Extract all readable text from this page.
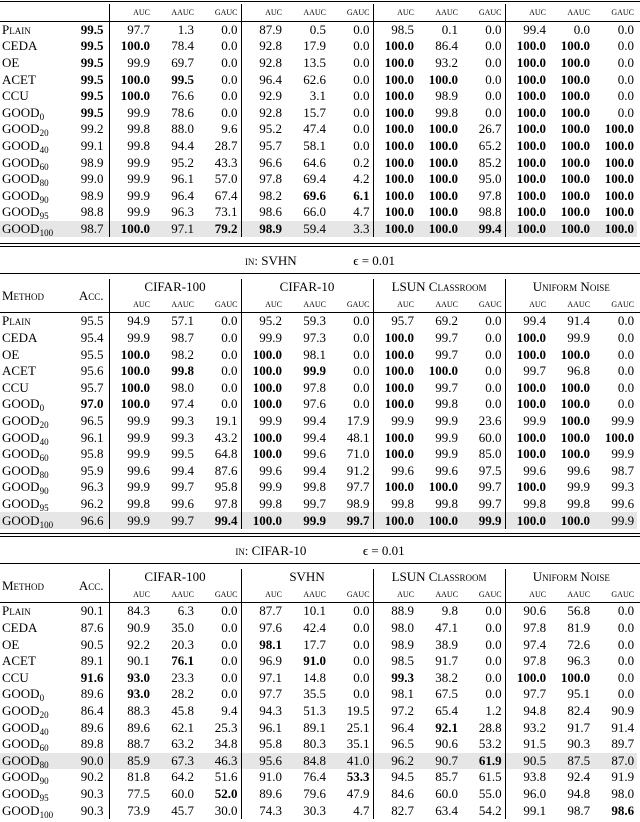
		auc	aauc	gauc	auc	aauc	gauc	auc	aauc	gauc	auc	aauc	gauc
Plain	99.5	97.7	1.3	0.0	87.9	0.5	0.0	98.5	0.1	0.0	99.4	0.0	0.0
CEDA	99.5	100.0	78.4	0.0	92.8	17.9	0.0	100.0	86.4	0.0	100.0	100.0	0.0
OE	99.5	99.9	69.7	0.0	92.8	13.5	0.0	100.0	93.2	0.0	100.0	100.0	0.0
ACET	99.5	100.0	99.5	0.0	96.4	62.6	0.0	100.0	100.0	0.0	100.0	100.0	0.0
CCU	99.5	100.0	76.6	0.0	92.9	3.1	0.0	100.0	98.9	0.0	100.0	100.0	0.0
$GOOD_0$	99.5	99.9	78.6	0.0	92.8	15.7	0.0	100.0	99.8	0.0	100.0	100.0	0.0
$GOOD_{20}$	99.2	99.8	88.0	9.6	95.2	47.4	0.0	100.0	100.0	26.7	100.0	100.0	100.0
$GOOD_{40}$	99.1	99.8	94.4	28.7	95.7	58.1	0.0	100.0	100.0	65.2	100.0	100.0	100.0
$GOOD_{60}$	98.9	99.9	95.2	43.3	96.6	64.6	0.2	100.0	100.0	85.2	100.0	100.0	100.0
$GOOD_{80}$	99.0	99.9	96.1	57.0	97.8	69.4	4.2	100.0	100.0	95.0	100.0	100.0	100.0
$GOOD_{90}$	98.9	99.9	96.4	67.4	98.2	69.6	6.1	100.0	100.0	97.8	100.0	100.0	100.0
$GOOD_{95}$	98.8	99.9	96.3	73.1	98.6	66.0	4.7	100.0	100.0	98.8	100.0	100.0	100.0
$GOOD_{100}$	98.7	100.0	97.1	79.2	98.9	59.4	3.3	100.0	100.0	99.4	100.0	100.0	100.0
in: SVHN	ϵ = 0.01
Method	Acc.	CIFAR-100			CIFAR-10			LSUN Classroom			Uniform Noise		
		auc	aauc	gauc	auc	aauc	gauc	auc	aauc	gauc	auc	aauc	gauc
Plain	95.5	94.9	57.1	0.0	95.2	59.3	0.0	95.7	69.2	0.0	99.4	91.4	0.0
CEDA	95.4	99.9	98.7	0.0	99.9	97.3	0.0	100.0	99.7	0.0	100.0	99.9	0.0
OE	95.5	100.0	98.2	0.0	100.0	98.1	0.0	100.0	99.7	0.0	100.0	100.0	0.0
ACET	95.6	100.0	99.8	0.0	100.0	99.9	0.0	100.0	100.0	0.0	99.7	96.8	0.0
CCU	95.7	100.0	98.0	0.0	100.0	97.8	0.0	100.0	99.7	0.0	100.0	100.0	0.0
$GOOD_0$	97.0	100.0	97.4	0.0	100.0	97.6	0.0	100.0	99.8	0.0	100.0	100.0	0.0
$GOOD_{20}$	96.5	99.9	99.3	19.1	99.9	99.4	17.9	99.9	99.9	23.6	99.9	100.0	99.9
$GOOD_{40}$	96.1	99.9	99.3	43.2	100.0	99.4	48.1	100.0	99.9	60.0	100.0	100.0	100.0
$GOOD_{60}$	95.8	99.9	99.5	64.8	100.0	99.6	71.0	100.0	99.9	85.0	100.0	100.0	99.9
$GOOD_{80}$	95.9	99.6	99.4	87.6	99.6	99.4	91.2	99.6	99.6	97.5	99.6	99.6	98.7
$GOOD_{90}$	96.3	99.9	99.7	95.8	99.9	99.8	97.7	100.0	100.0	99.7	100.0	99.9	99.3
$GOOD_{95}$	96.2	99.8	99.6	97.8	99.8	99.7	98.9	99.8	99.8	99.7	99.8	99.8	99.6
$GOOD_{100}$	96.6	99.9	99.7	99.4	100.0	99.9	99.7	100.0	100.0	99.9	100.0	100.0	99.9
in: CIFAR-10	ϵ = 0.01
Method	Acc.	CIFAR-100			SVHN			LSUN Classroom			Uniform Noise		
		auc	aauc	gauc	auc	aauc	gauc	auc	aauc	gauc	auc	aauc	gauc
Plain	90.1	84.3	6.3	0.0	87.7	10.1	0.0	88.9	9.8	0.0	90.6	56.8	0.0
CEDA	87.6	90.9	35.0	0.0	97.6	42.4	0.0	98.0	47.1	0.0	97.8	81.9	0.0
OE	90.5	92.2	20.3	0.0	98.1	17.7	0.0	98.9	38.9	0.0	97.4	72.6	0.0
ACET	89.1	90.1	76.1	0.0	96.9	91.0	0.0	98.5	91.7	0.0	97.8	96.3	0.0
CCU	91.6	93.0	23.3	0.0	97.1	14.8	0.0	99.3	38.2	0.0	100.0	100.0	0.0
$GOOD_0$	89.6	93.0	28.2	0.0	97.7	35.5	0.0	98.1	67.5	0.0	97.7	95.1	0.0
$GOOD_{20}$	86.4	88.3	45.8	9.4	94.3	51.3	19.5	97.2	65.4	1.2	94.8	82.4	90.9
$GOOD_{40}$	89.6	89.6	62.1	25.3	96.1	89.1	25.1	96.4	92.1	28.8	93.2	91.7	91.4
$GOOD_{60}$	89.8	88.7	63.2	34.8	95.8	80.3	35.1	96.5	90.6	53.2	91.5	90.3	89.7
$GOOD_{80}$	90.0	85.9	67.3	46.3	95.6	84.8	41.0	96.2	90.7	61.9	90.5	87.5	87.0
$GOOD_{90}$	90.2	81.8	64.2	51.6	91.0	76.4	53.3	94.5	85.7	61.5	93.8	92.4	91.9
$GOOD_{95}$	90.3	77.5	60.0	52.0	89.6	79.6	47.9	84.6	60.0	55.0	96.0	94.8	98.0
$GOOD_{100}$	90.3	73.9	45.7	30.0	74.3	30.3	4.7	82.7	63.4	54.2	99.1	98.7	98.6
